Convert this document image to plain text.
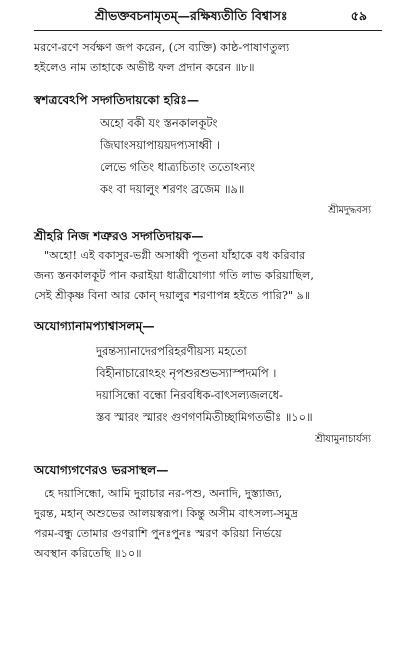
শ্রীভক্তবচনামৃতম্‌—রক্ষিষ্যতীতি বিশ্বাসঃ	৫৯
মরণে-রণে সর্বক্ষণ জপ করেন, (সে ব্যক্তি) কাষ্ঠ-পাষাণতুল্য
হইলেও নাম তাহাকে অভীষ্ট ফল প্রদান করেন ॥৮॥
স্বশত্রবেঽপি সদ্গতিদায়কো হরিঃ—
অহো বকী যং স্তনকালকূটং
জিঘাংসয়াপায়য়দপ্যসাধ্বী ।
লেভে গতিং ধাত্র্যচিতাং ততোঽন্যং
কং বা দয়ালুং শরণং ব্রজেম ॥৯॥
শ্রীমদুদ্ধবস্য
শ্রীহরি নিজ শত্রুরও সদ্গতিদায়ক—
"অহো! এই বকাসুর-ভগ্নী অসাধ্বী পূতনা যাঁহাকে বধ করিবার
জন্য স্তনকালকূট পান করাইয়া ধাত্রীযোগ্যা গতি লাভ করিয়াছিল,
সেই শ্রীকৃষ্ণ বিনা আর কোন্‌ দয়ালুর শরণাপন্ন হইতে পারি?" ৯॥
অযোগ্যানামপ্যাশ্বাসলম্‌—
দুরন্তস্যানাদেরপরিহরণীয়স্য মহতো
বিহীনাচারোঽহং নৃপশুরশুভস্যাস্পদমপি ।
দয়াসিন্ধো বন্ধো নিরবধিক-বাৎসল্যজলধে-
স্তব স্মারং স্মারং গুণগণমিতীচ্ছামিগতভীঃ ॥১০॥
শ্রীযামুনাচার্যস্য
অযোগ্যগণেরও ভরসাস্থল—
হে দয়াসিন্ধো, আমি দুরাচার নর-পশু, অনাদি, দুস্ত্যাজ্য,
দুরন্ত, মহান্‌ অশুভের আলয়স্বরূপ। কিন্তু অসীম বাৎসল্য-সমুদ্র
পরম-বন্ধু তোমার গুণরাশি পুনঃপুনঃ স্মরণ করিয়া নির্ভয়ে
অবস্থান করিতেছি ॥১০॥
